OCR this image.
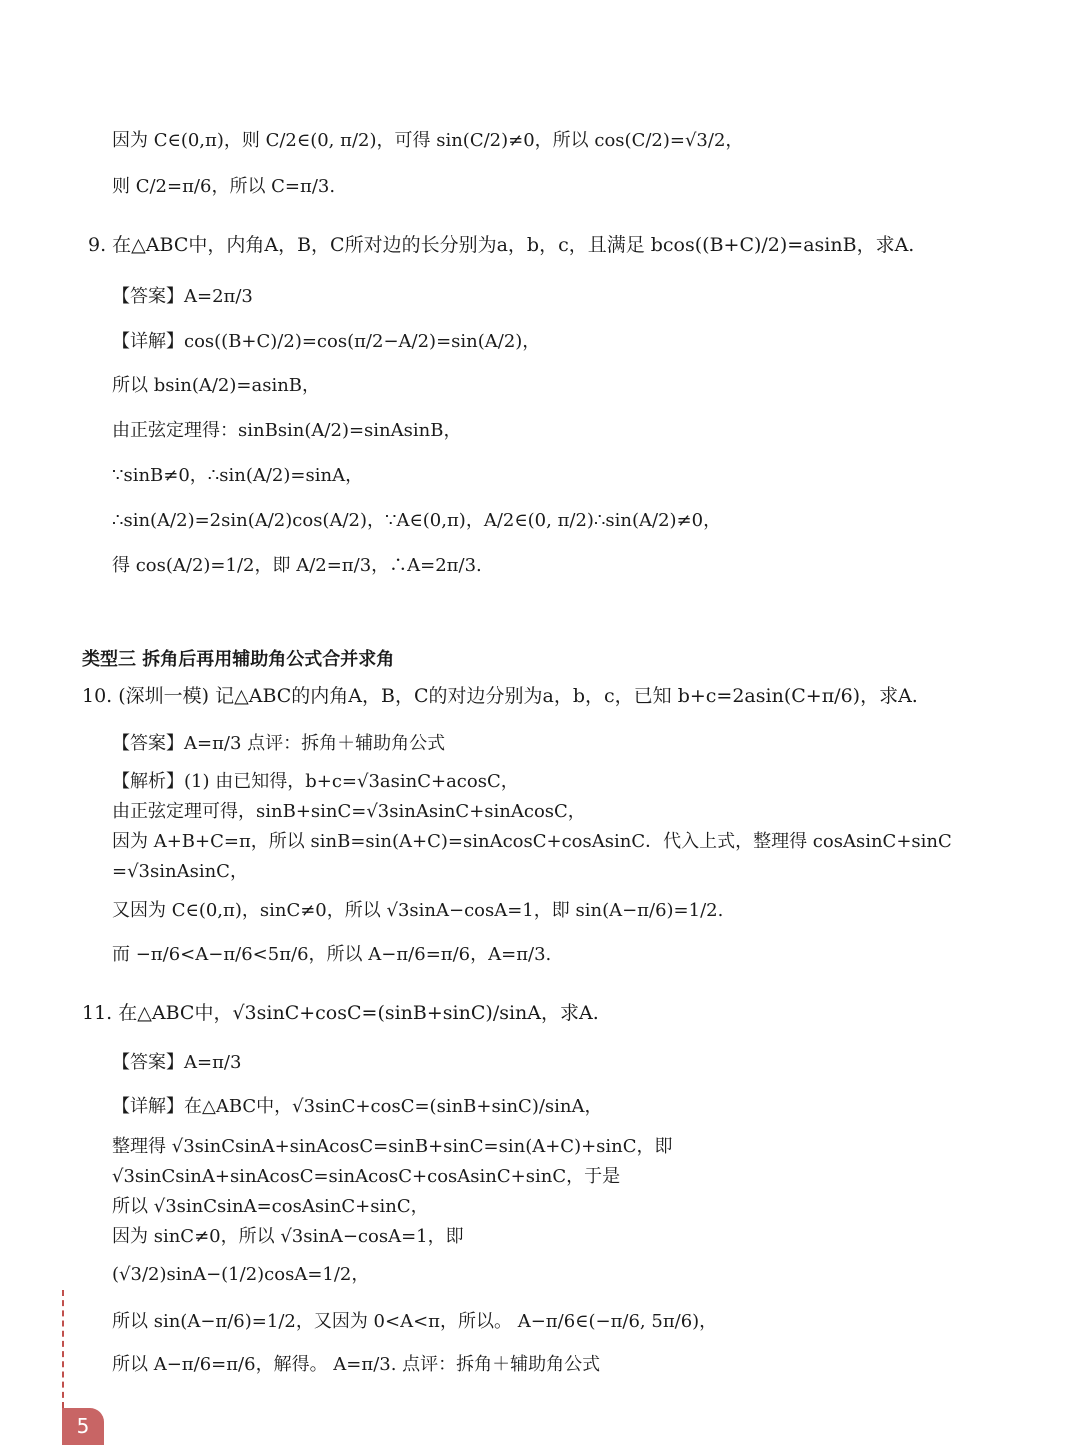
因为 C∈(0,π)，则 C/2∈(0, π/2)，可得 sin(C/2)≠0，所以 cos(C/2)=√3/2，
则 C/2=π/6，所以 C=π/3.
9. 在△ABC中，内角A，B，C所对边的长分别为a，b，c，且满足 bcos((B+C)/2)=asinB，求A.
【答案】A=2π/3
【详解】cos((B+C)/2)=cos(π/2−A/2)=sin(A/2)，
所以 bsin(A/2)=asinB，
由正弦定理得：sinBsin(A/2)=sinAsinB，
∵sinB≠0，∴sin(A/2)=sinA，
∴sin(A/2)=2sin(A/2)cos(A/2)，∵A∈(0,π)，A/2∈(0, π/2)∴sin(A/2)≠0，
得 cos(A/2)=1/2，即 A/2=π/3，∴A=2π/3.
类型三 拆角后再用辅助角公式合并求角
10. (深圳一模) 记△ABC的内角A，B，C的对边分别为a，b，c，已知 b+c=2asin(C+π/6)，求A.
【答案】A=π/3 点评：拆角＋辅助角公式
【解析】(1) 由已知得，b+c=√3asinC+acosC，
由正弦定理可得，sinB+sinC=√3sinAsinC+sinAcosC，
因为 A+B+C=π，所以 sinB=sin(A+C)=sinAcosC+cosAsinC．代入上式，整理得 cosAsinC+sinC
=√3sinAsinC，
又因为 C∈(0,π)，sinC≠0，所以 √3sinA−cosA=1，即 sin(A−π/6)=1/2.
而 −π/6<A−π/6<5π/6，所以 A−π/6=π/6，A=π/3.
11. 在△ABC中，√3sinC+cosC=(sinB+sinC)/sinA，求A.
【答案】A=π/3
【详解】在△ABC中，√3sinC+cosC=(sinB+sinC)/sinA，
整理得 √3sinCsinA+sinAcosC=sinB+sinC=sin(A+C)+sinC，即
√3sinCsinA+sinAcosC=sinAcosC+cosAsinC+sinC，于是
所以 √3sinCsinA=cosAsinC+sinC，
因为 sinC≠0，所以 √3sinA−cosA=1，即
(√3/2)sinA−(1/2)cosA=1/2，
所以 sin(A−π/6)=1/2，又因为 0<A<π，所以。 A−π/6∈(−π/6, 5π/6)，
所以 A−π/6=π/6，解得。 A=π/3. 点评：拆角＋辅助角公式
5
